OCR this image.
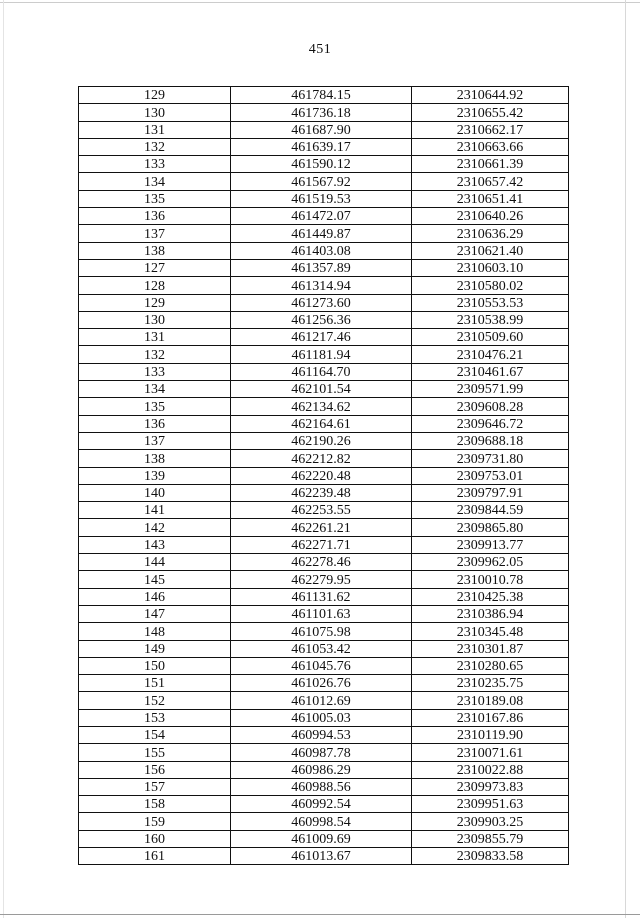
451
129	461784.15	2310644.92
130	461736.18	2310655.42
131	461687.90	2310662.17
132	461639.17	2310663.66
133	461590.12	2310661.39
134	461567.92	2310657.42
135	461519.53	2310651.41
136	461472.07	2310640.26
137	461449.87	2310636.29
138	461403.08	2310621.40
127	461357.89	2310603.10
128	461314.94	2310580.02
129	461273.60	2310553.53
130	461256.36	2310538.99
131	461217.46	2310509.60
132	461181.94	2310476.21
133	461164.70	2310461.67
134	462101.54	2309571.99
135	462134.62	2309608.28
136	462164.61	2309646.72
137	462190.26	2309688.18
138	462212.82	2309731.80
139	462220.48	2309753.01
140	462239.48	2309797.91
141	462253.55	2309844.59
142	462261.21	2309865.80
143	462271.71	2309913.77
144	462278.46	2309962.05
145	462279.95	2310010.78
146	461131.62	2310425.38
147	461101.63	2310386.94
148	461075.98	2310345.48
149	461053.42	2310301.87
150	461045.76	2310280.65
151	461026.76	2310235.75
152	461012.69	2310189.08
153	461005.03	2310167.86
154	460994.53	2310119.90
155	460987.78	2310071.61
156	460986.29	2310022.88
157	460988.56	2309973.83
158	460992.54	2309951.63
159	460998.54	2309903.25
160	461009.69	2309855.79
161	461013.67	2309833.58
